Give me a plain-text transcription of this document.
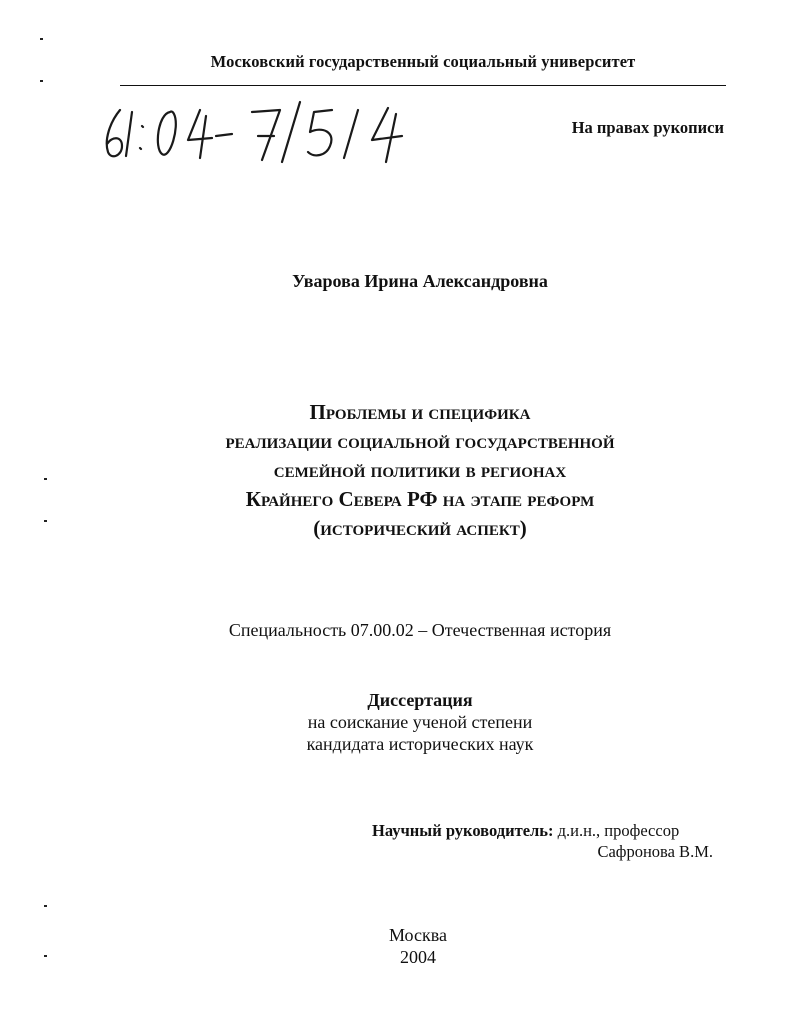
Московский государственный социальный университет
На правах рукописи
Уварова Ирина Александровна
Проблемы и специфика
реализации социальной государственной
семейной политики в регионах
Крайнего Севера РФ на этапе реформ
(исторический аспект)
Специальность 07.00.02 – Отечественная история
Диссертация
на соискание ученой степени
кандидата исторических наук
Научный руководитель: д.и.н., профессор
Сафронова В.М.
Москва
2004
